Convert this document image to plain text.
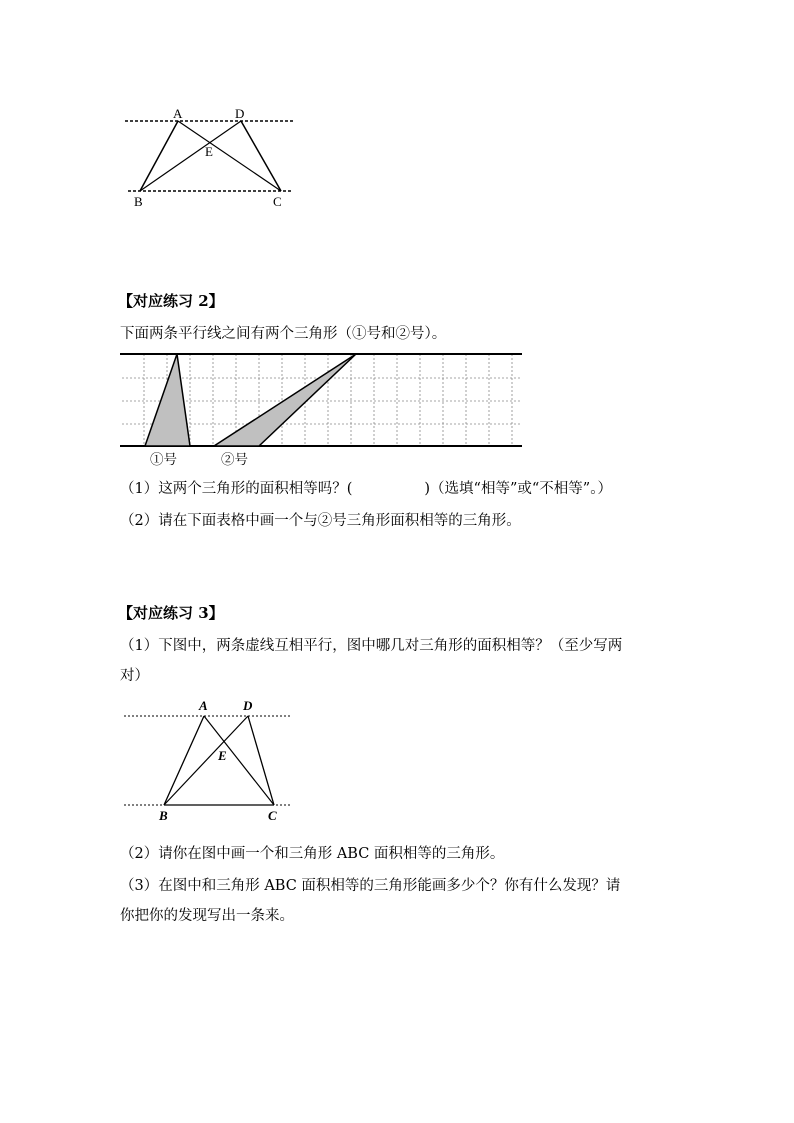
A	D
E
B	C
【对应练习 2】
下面两条平行线之间有两个三角形（①号和②号）。
①号	②号
（1）这两个三角形的面积相等吗？(	)（选填“相等”或“不相等”。）
（2）请在下面表格中画一个与②号三角形面积相等的三角形。
【对应练习 3】
（1）下图中，两条虚线互相平行，图中哪几对三角形的面积相等？（至少写两
对）
A	D
E
B	C
（2）请你在图中画一个和三角形 ABC 面积相等的三角形。
（3）在图中和三角形 ABC 面积相等的三角形能画多少个？你有什么发现？请
你把你的发现写出一条来。
